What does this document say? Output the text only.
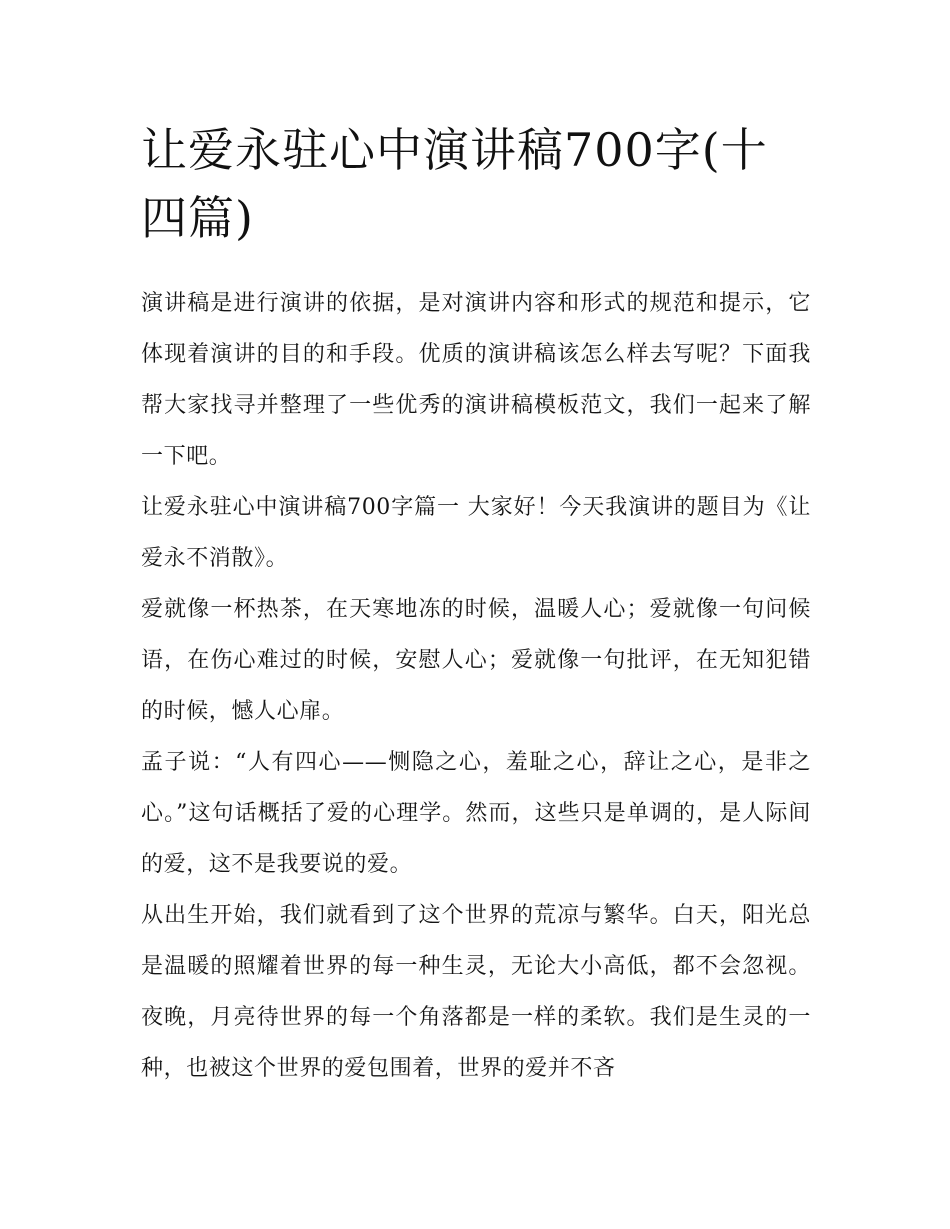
让爱永驻心中演讲稿700字(十四篇)

演讲稿是进行演讲的依据，是对演讲内容和形式的规范和提示，它体现着演讲的目的和手段。优质的演讲稿该怎么样去写呢？下面我帮大家找寻并整理了一些优秀的演讲稿模板范文，我们一起来了解一下吧。

让爱永驻心中演讲稿700字篇一 大家好！今天我演讲的题目为《让爱永不消散》。

爱就像一杯热茶，在天寒地冻的时候，温暖人心；爱就像一句问候语，在伤心难过的时候，安慰人心；爱就像一句批评，在无知犯错的时候，憾人心扉。

孟子说：“人有四心——恻隐之心，羞耻之心，辞让之心，是非之心。”这句话概括了爱的心理学。然而，这些只是单调的，是人际间的爱，这不是我要说的爱。

从出生开始，我们就看到了这个世界的荒凉与繁华。白天，阳光总是温暖的照耀着世界的每一种生灵，无论大小高低，都不会忽视。夜晚，月亮待世界的每一个角落都是一样的柔软。我们是生灵的一种，也被这个世界的爱包围着，世界的爱并不吝
